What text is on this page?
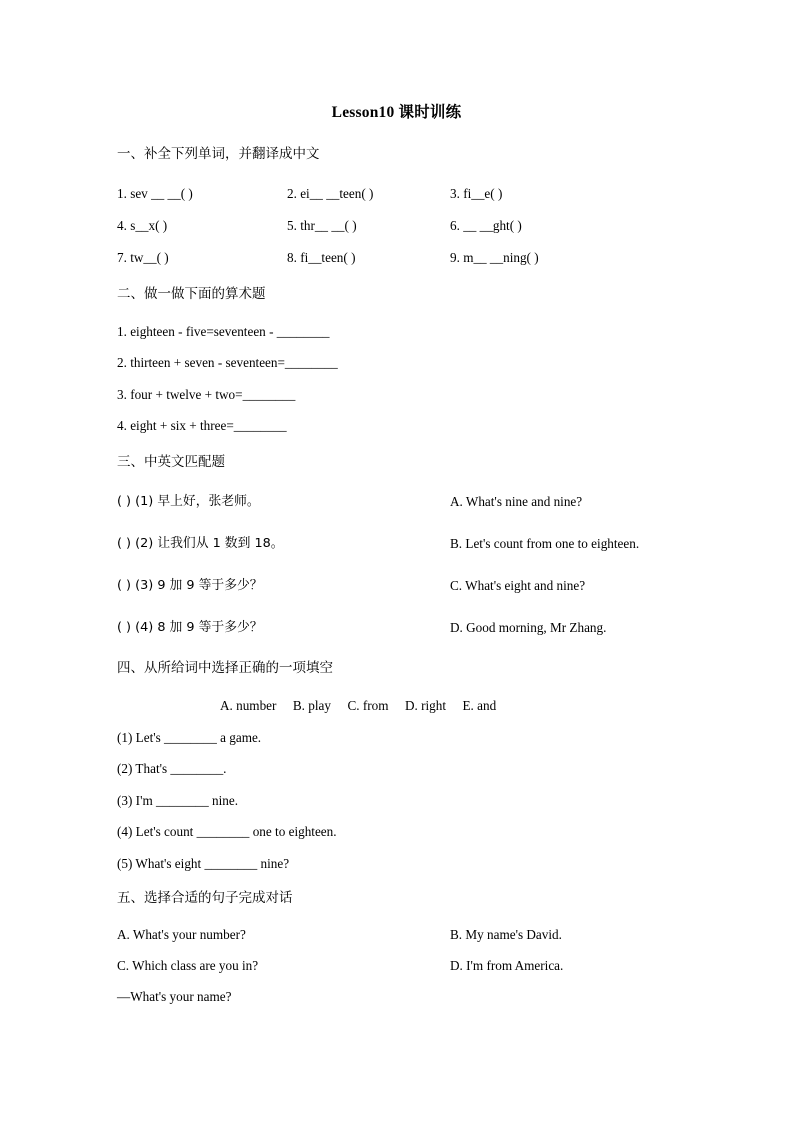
Lesson10 课时训练
一、补全下列单词，并翻译成中文
1. sev __ __( )	2. ei__ __teen( )	3. fi__e( )
4. s__x( )	5. thr__ __( )	6. __ __ght( )
7. tw__( )	8. fi__teen( )	9. m__ __ning( )
二、做一做下面的算术题
1. eighteen - five=seventeen - ________
2. thirteen + seven - seventeen=________
3. four + twelve + two=________
4. eight + six + three=________
三、中英文匹配题
( ) (1) 早上好，张老师。	A. What's nine and nine?
( ) (2) 让我们从 1 数到 18。	B. Let's count from one to eighteen.
( ) (3) 9 加 9 等于多少？	C. What's eight and nine?
( ) (4) 8 加 9 等于多少？	D. Good morning, Mr Zhang.
四、从所给词中选择正确的一项填空
A. number     B. play     C. from     D. right     E. and
(1) Let's ________ a game.
(2) That's ________.
(3) I'm ________ nine.
(4) Let's count ________ one to eighteen.
(5) What's eight ________ nine?
五、选择合适的句子完成对话
A. What's your number?	B. My name's David.
C. Which class are you in?	D. I'm from America.
—What's your name?
